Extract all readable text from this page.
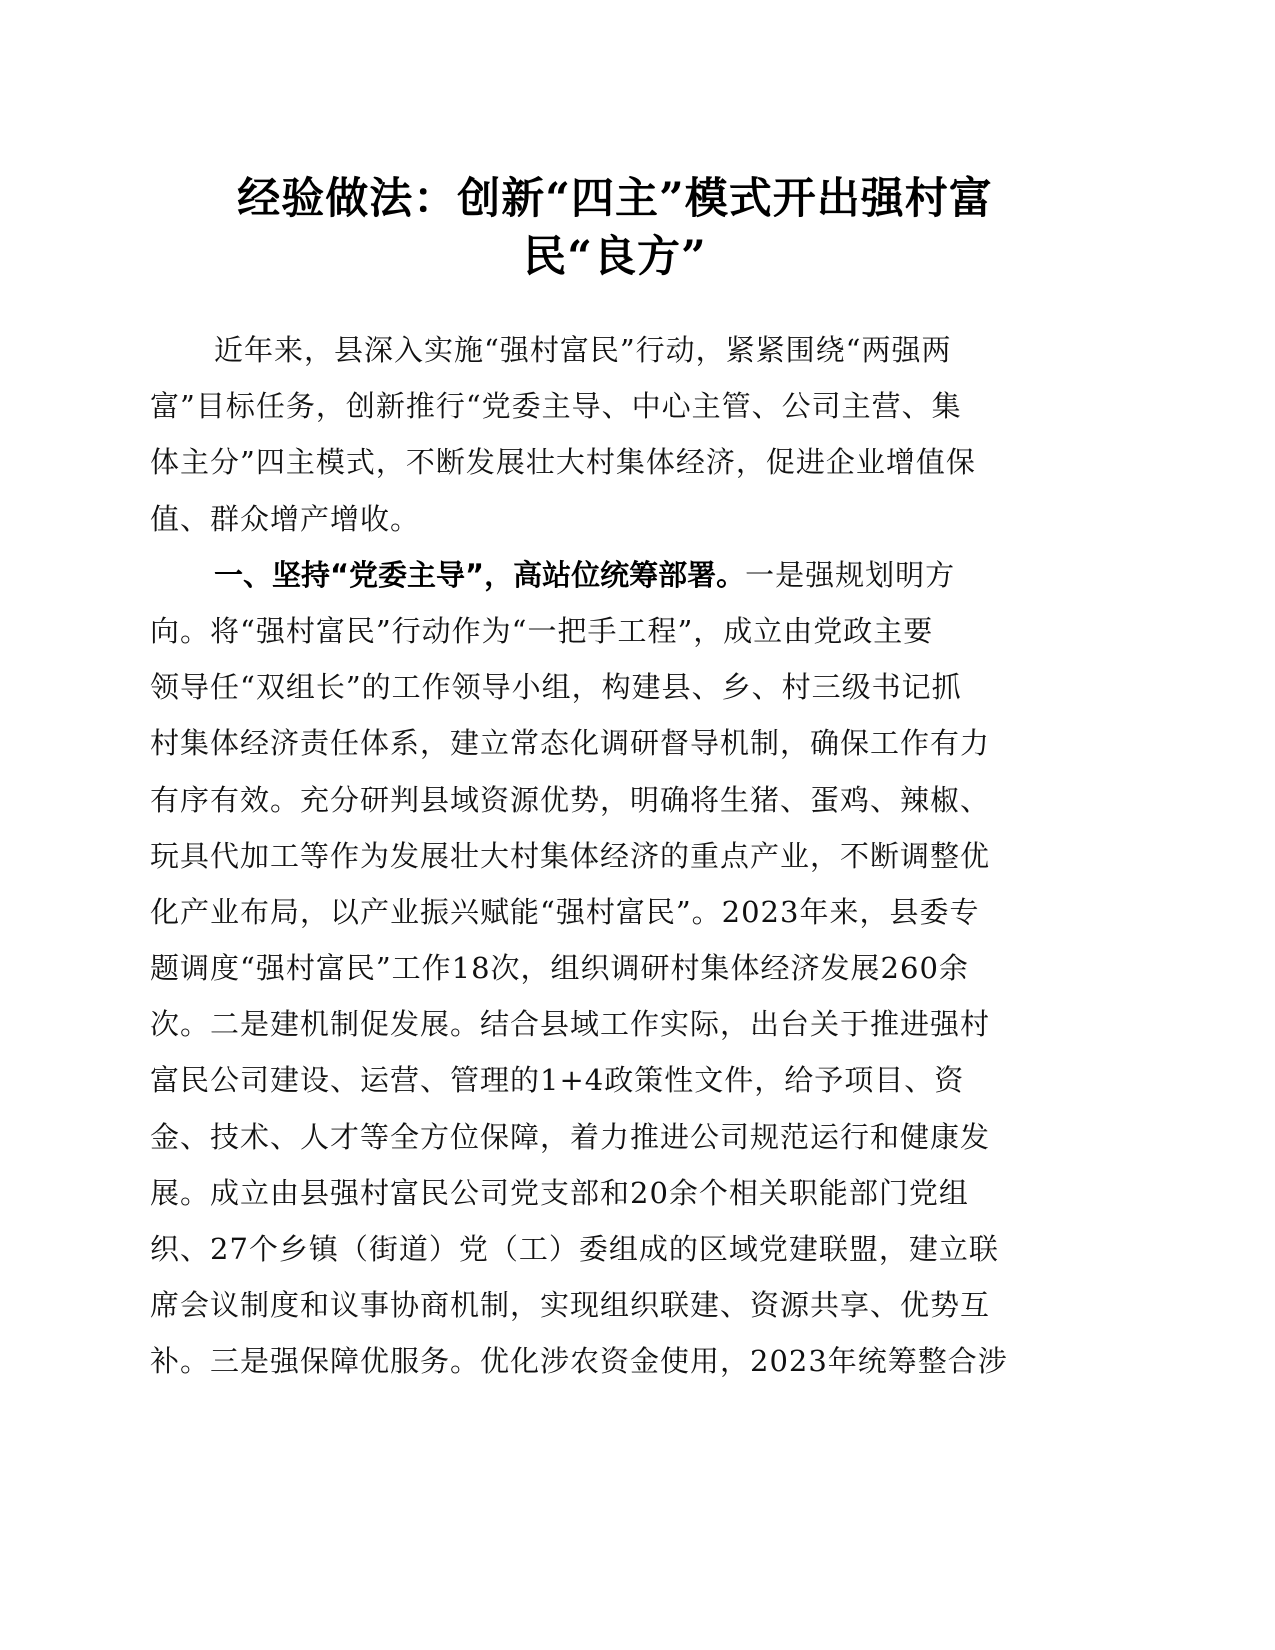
经验做法：创新“四主”模式开出强村富
民“良方”
近年来，县深入实施“强村富民”行动，紧紧围绕“两强两
富”目标任务，创新推行“党委主导、中心主管、公司主营、集
体主分”四主模式，不断发展壮大村集体经济，促进企业增值保
值、群众增产增收。
一、坚持“党委主导”，高站位统筹部署。一是强规划明方
向。将“强村富民”行动作为“一把手工程”，成立由党政主要
领导任“双组长”的工作领导小组，构建县、乡、村三级书记抓
村集体经济责任体系，建立常态化调研督导机制，确保工作有力
有序有效。充分研判县域资源优势，明确将生猪、蛋鸡、辣椒、
玩具代加工等作为发展壮大村集体经济的重点产业，不断调整优
化产业布局，以产业振兴赋能“强村富民”。2023年来，县委专
题调度“强村富民”工作18次，组织调研村集体经济发展260余
次。二是建机制促发展。结合县域工作实际，出台关于推进强村
富民公司建设、运营、管理的1+4政策性文件，给予项目、资
金、技术、人才等全方位保障，着力推进公司规范运行和健康发
展。成立由县强村富民公司党支部和20余个相关职能部门党组
织、27个乡镇（街道）党（工）委组成的区域党建联盟，建立联
席会议制度和议事协商机制，实现组织联建、资源共享、优势互
补。三是强保障优服务。优化涉农资金使用，2023年统筹整合涉
